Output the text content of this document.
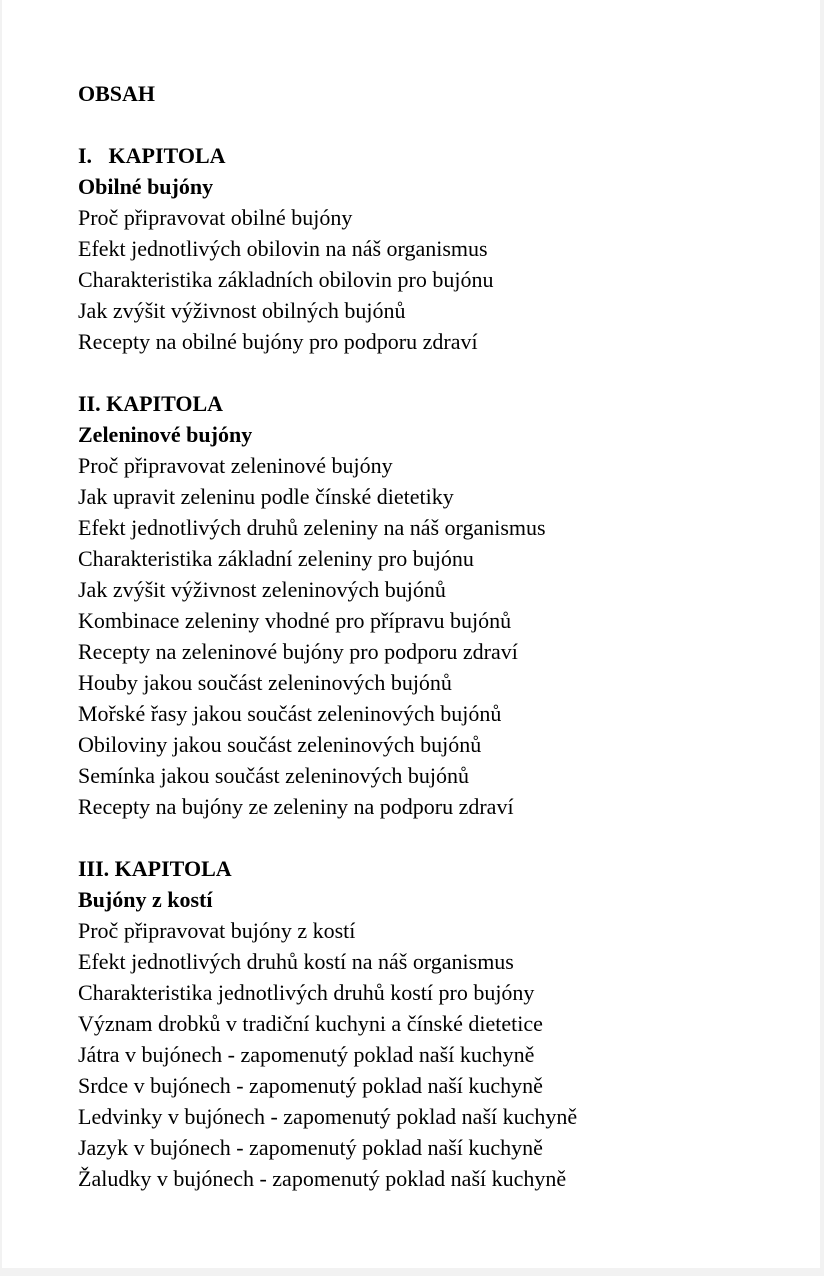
OBSAH

I.   KAPITOLA

Obilné bujóny

Proč připravovat obilné bujóny
Efekt jednotlivých obilovin na náš organismus
Charakteristika základních obilovin pro bujónu
Jak zvýšit výživnost obilných bujónů
Recepty na obilné bujóny pro podporu zdraví

II. KAPITOLA

Zeleninové bujóny

Proč připravovat zeleninové bujóny
Jak upravit zeleninu podle čínské dietetiky
Efekt jednotlivých druhů zeleniny na náš organismus
Charakteristika základní zeleniny pro bujónu
Jak zvýšit výživnost zeleninových bujónů
Kombinace zeleniny vhodné pro přípravu bujónů
Recepty na zeleninové bujóny pro podporu zdraví
Houby jakou součást zeleninových bujónů
Mořské řasy jakou součást zeleninových bujónů
Obiloviny jakou součást zeleninových bujónů
Semínka jakou součást zeleninových bujónů
Recepty na bujóny ze zeleniny na podporu zdraví

III. KAPITOLA

Bujóny z kostí

Proč připravovat bujóny z kostí
Efekt jednotlivých druhů kostí na náš organismus
Charakteristika jednotlivých druhů kostí pro bujóny
Význam drobků v tradiční kuchyni a čínské dietetice
Játra v bujónech - zapomenutý poklad naší kuchyně
Srdce v bujónech - zapomenutý poklad naší kuchyně
Ledvinky v bujónech - zapomenutý poklad naší kuchyně
Jazyk v bujónech - zapomenutý poklad naší kuchyně
Žaludky v bujónech - zapomenutý poklad naší kuchyně
